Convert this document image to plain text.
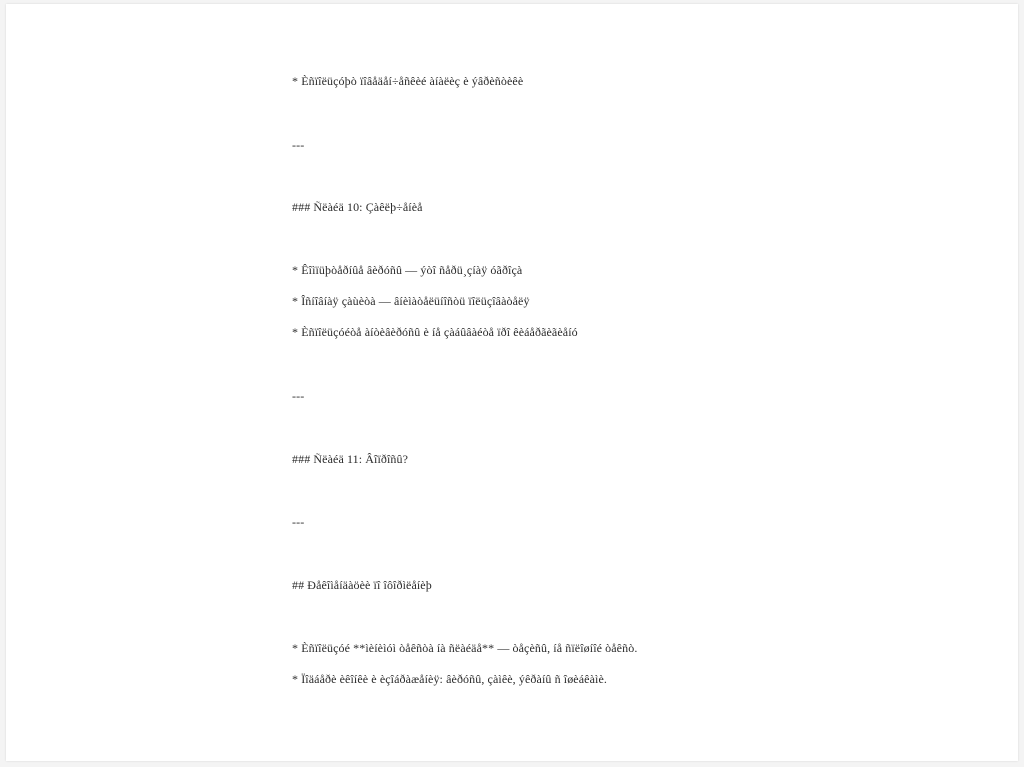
* Èñïîëüçóþò ïîâåäåí÷åñêèé àíàëèç è ýâðèñòèêè

---

### Ñëàéä 10: Çàêëþ÷åíèå

* Êîìïüþòåðíûå âèðóñû — ýòî ñåðü¸çíàÿ óãðîçà

* Îñíîâíàÿ çàùèòà — âíèìàòåëüíîñòü ïîëüçîâàòåëÿ

* Èñïîëüçóéòå àíòèâèðóñû è íå çàáûâàéòå ïðî êèáåðãèãèåíó

---

### Ñëàéä 11: Âîïðîñû?

---

## Ðåêîìåíäàöèè ïî îôîðìëåíèþ

* Èñïîëüçóé **ìèíèìóì òåêñòà íà ñëàéäå** — òåçèñû, íå ñïëîøíîé òåêñò.

* Ïîäáåðè èêîíêè è èçîáðàæåíèÿ: âèðóñû, çàìêè, ýêðàíû ñ îøèáêàìè.
